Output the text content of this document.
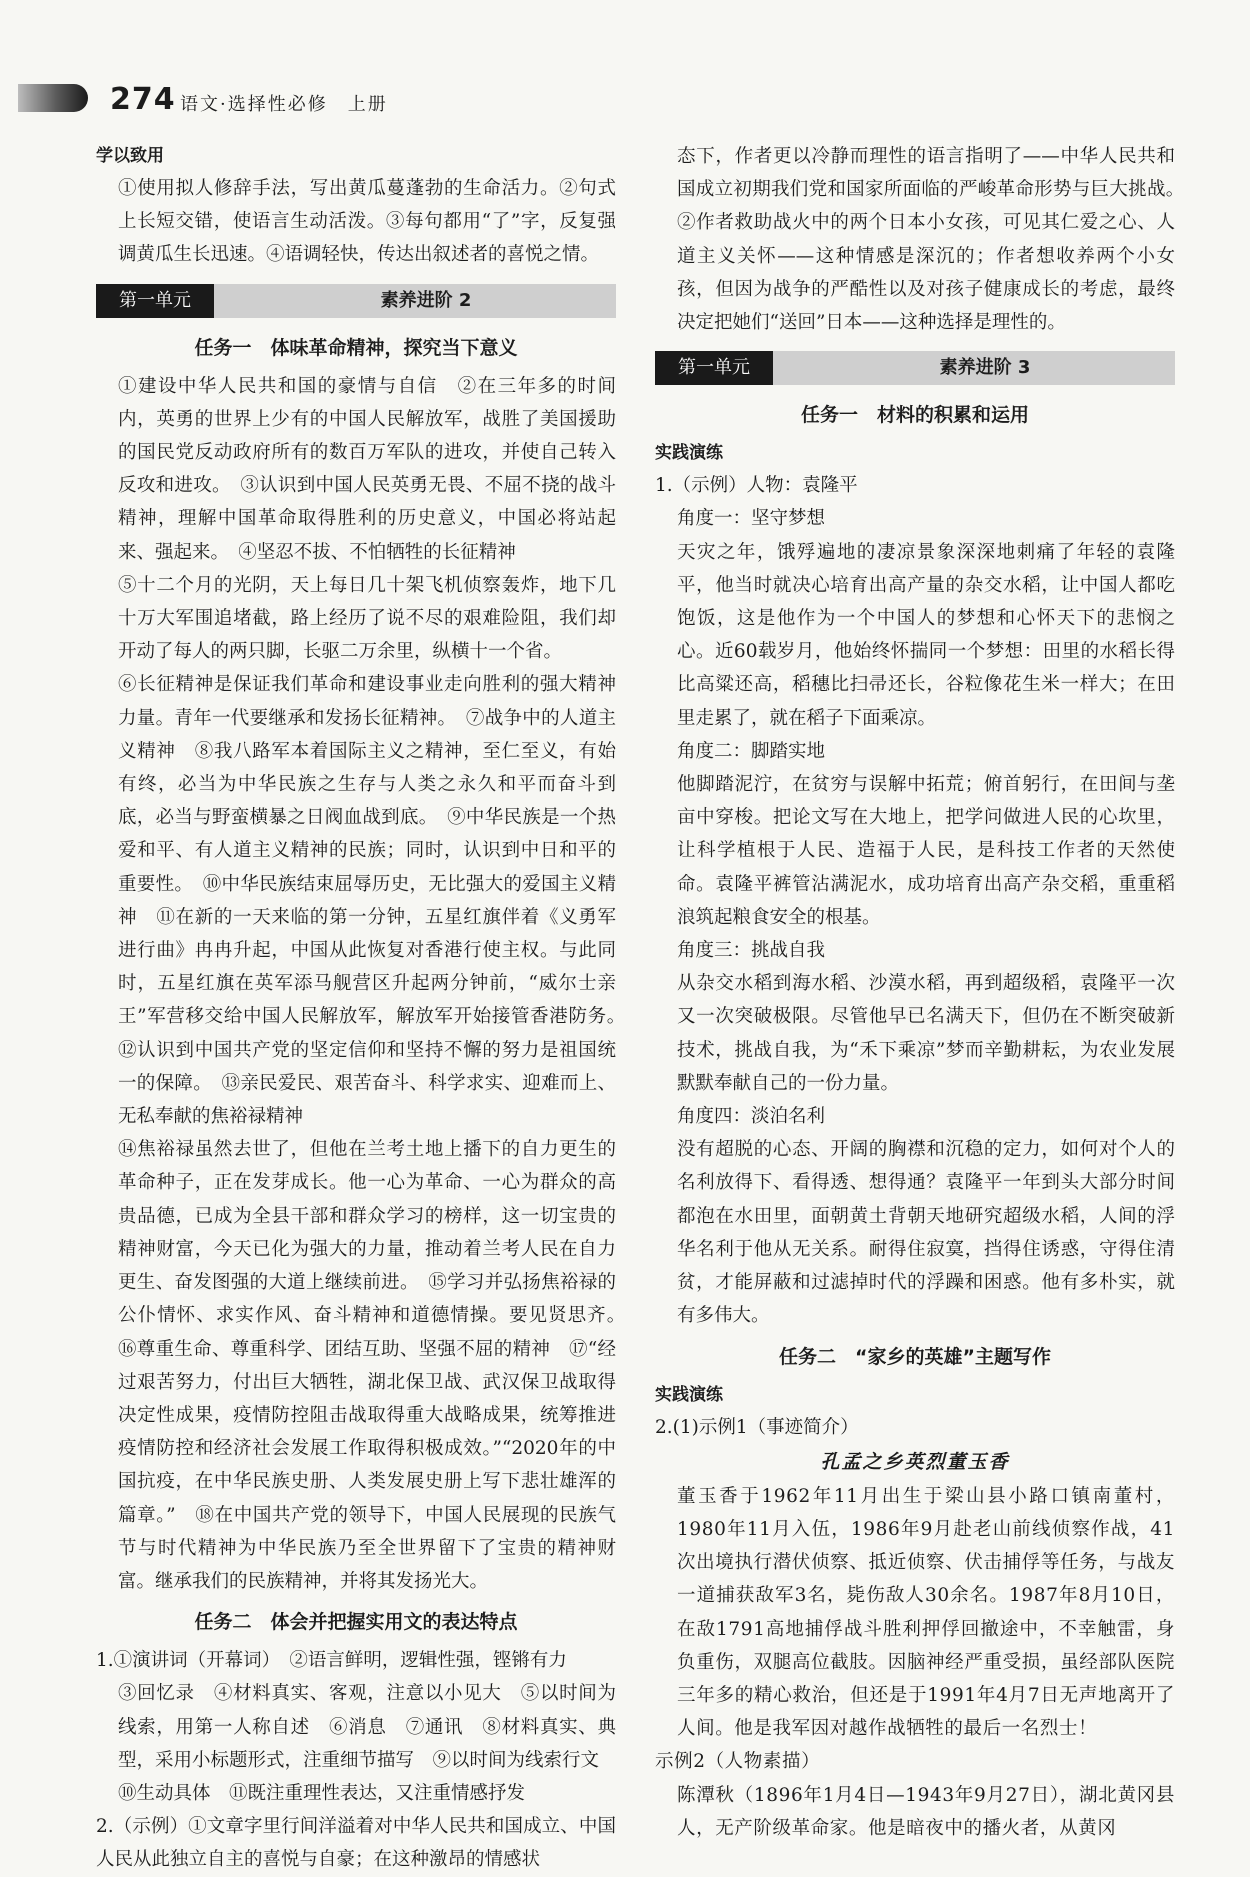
274 语文·选择性必修　上册
学以致用

①使用拟人修辞手法，写出黄瓜蔓蓬勃的生命活力。②句式上长短交错，使语言生动活泼。③每句都用“了”字，反复强调黄瓜生长迅速。④语调轻快，传达出叙述者的喜悦之情。

第一单元	素养进阶 2
任务一　体味革命精神，探究当下意义

①建设中华人民共和国的豪情与自信　②在三年多的时间内，英勇的世界上少有的中国人民解放军，战胜了美国援助的国民党反动政府所有的数百万军队的进攻，并使自己转入反攻和进攻。　③认识到中国人民英勇无畏、不屈不挠的战斗精神，理解中国革命取得胜利的历史意义，中国必将站起来、强起来。　④坚忍不拔、不怕牺牲的长征精神

⑤十二个月的光阴，天上每日几十架飞机侦察轰炸，地下几十万大军围追堵截，路上经历了说不尽的艰难险阻，我们却开动了每人的两只脚，长驱二万余里，纵横十一个省。

⑥长征精神是保证我们革命和建设事业走向胜利的强大精神力量。青年一代要继承和发扬长征精神。　⑦战争中的人道主义精神　⑧我八路军本着国际主义之精神，至仁至义，有始有终，必当为中华民族之生存与人类之永久和平而奋斗到底，必当与野蛮横暴之日阀血战到底。　⑨中华民族是一个热爱和平、有人道主义精神的民族；同时，认识到中日和平的重要性。　⑩中华民族结束屈辱历史，无比强大的爱国主义精神　⑪在新的一天来临的第一分钟，五星红旗伴着《义勇军进行曲》冉冉升起，中国从此恢复对香港行使主权。与此同时，五星红旗在英军添马舰营区升起两分钟前，“威尔士亲王”军营移交给中国人民解放军，解放军开始接管香港防务。　⑫认识到中国共产党的坚定信仰和坚持不懈的努力是祖国统一的保障。　⑬亲民爱民、艰苦奋斗、科学求实、迎难而上、无私奉献的焦裕禄精神

⑭焦裕禄虽然去世了，但他在兰考土地上播下的自力更生的革命种子，正在发芽成长。他一心为革命、一心为群众的高贵品德，已成为全县干部和群众学习的榜样，这一切宝贵的精神财富，今天已化为强大的力量，推动着兰考人民在自力更生、奋发图强的大道上继续前进。　⑮学习并弘扬焦裕禄的公仆情怀、求实作风、奋斗精神和道德情操。要见贤思齐。　⑯尊重生命、尊重科学、团结互助、坚强不屈的精神　⑰“经过艰苦努力，付出巨大牺牲，湖北保卫战、武汉保卫战取得决定性成果，疫情防控阻击战取得重大战略成果，统筹推进疫情防控和经济社会发展工作取得积极成效。”“2020年的中国抗疫，在中华民族史册、人类发展史册上写下悲壮雄浑的篇章。”　⑱在中国共产党的领导下，中国人民展现的民族气节与时代精神为中华民族乃至全世界留下了宝贵的精神财富。继承我们的民族精神，并将其发扬光大。

任务二　体会并把握实用文的表达特点

1.①演讲词（开幕词）　②语言鲜明，逻辑性强，铿锵有力

③回忆录　④材料真实、客观，注意以小见大　⑤以时间为线索，用第一人称自述　⑥消息　⑦通讯　⑧材料真实、典型，采用小标题形式，注重细节描写　⑨以时间为线索行文

⑩生动具体　⑪既注重理性表达，又注重情感抒发

2.（示例）①文章字里行间洋溢着对中华人民共和国成立、中国人民从此独立自主的喜悦与自豪；在这种激昂的情感状

态下，作者更以冷静而理性的语言指明了——中华人民共和国成立初期我们党和国家所面临的严峻革命形势与巨大挑战。　②作者救助战火中的两个日本小女孩，可见其仁爱之心、人道主义关怀——这种情感是深沉的；作者想收养两个小女孩，但因为战争的严酷性以及对孩子健康成长的考虑，最终决定把她们“送回”日本——这种选择是理性的。

第一单元	素养进阶 3
任务一　材料的积累和运用
实践演练

1.（示例）人物：袁隆平

角度一：坚守梦想

天灾之年，饿殍遍地的凄凉景象深深地刺痛了年轻的袁隆平，他当时就决心培育出高产量的杂交水稻，让中国人都吃饱饭，这是他作为一个中国人的梦想和心怀天下的悲悯之心。近60载岁月，他始终怀揣同一个梦想：田里的水稻长得比高粱还高，稻穗比扫帚还长，谷粒像花生米一样大；在田里走累了，就在稻子下面乘凉。

角度二：脚踏实地

他脚踏泥泞，在贫穷与误解中拓荒；俯首躬行，在田间与垄亩中穿梭。把论文写在大地上，把学问做进人民的心坎里，让科学植根于人民、造福于人民，是科技工作者的天然使命。袁隆平裤管沾满泥水，成功培育出高产杂交稻，重重稻浪筑起粮食安全的根基。

角度三：挑战自我

从杂交水稻到海水稻、沙漠水稻，再到超级稻，袁隆平一次又一次突破极限。尽管他早已名满天下，但仍在不断突破新技术，挑战自我，为“禾下乘凉”梦而辛勤耕耘，为农业发展默默奉献自己的一份力量。

角度四：淡泊名利

没有超脱的心态、开阔的胸襟和沉稳的定力，如何对个人的名利放得下、看得透、想得通？袁隆平一年到头大部分时间都泡在水田里，面朝黄土背朝天地研究超级水稻，人间的浮华名利于他从无关系。耐得住寂寞，挡得住诱惑，守得住清贫，才能屏蔽和过滤掉时代的浮躁和困惑。他有多朴实，就有多伟大。

任务二　“家乡的英雄”主题写作
实践演练

2.(1)示例1（事迹简介）

孔孟之乡英烈董玉香

董玉香于1962年11月出生于梁山县小路口镇南董村，1980年11月入伍，1986年9月赴老山前线侦察作战，41次出境执行潜伏侦察、抵近侦察、伏击捕俘等任务，与战友一道捕获敌军3名，毙伤敌人30余名。1987年8月10日，在敌1791高地捕俘战斗胜利押俘回撤途中，不幸触雷，身负重伤，双腿高位截肢。因脑神经严重受损，虽经部队医院三年多的精心救治，但还是于1991年4月7日无声地离开了人间。他是我军因对越作战牺牲的最后一名烈士！

示例2（人物素描）

陈潭秋（1896年1月4日—1943年9月27日），湖北黄冈县人，无产阶级革命家。他是暗夜中的播火者，从黄冈
